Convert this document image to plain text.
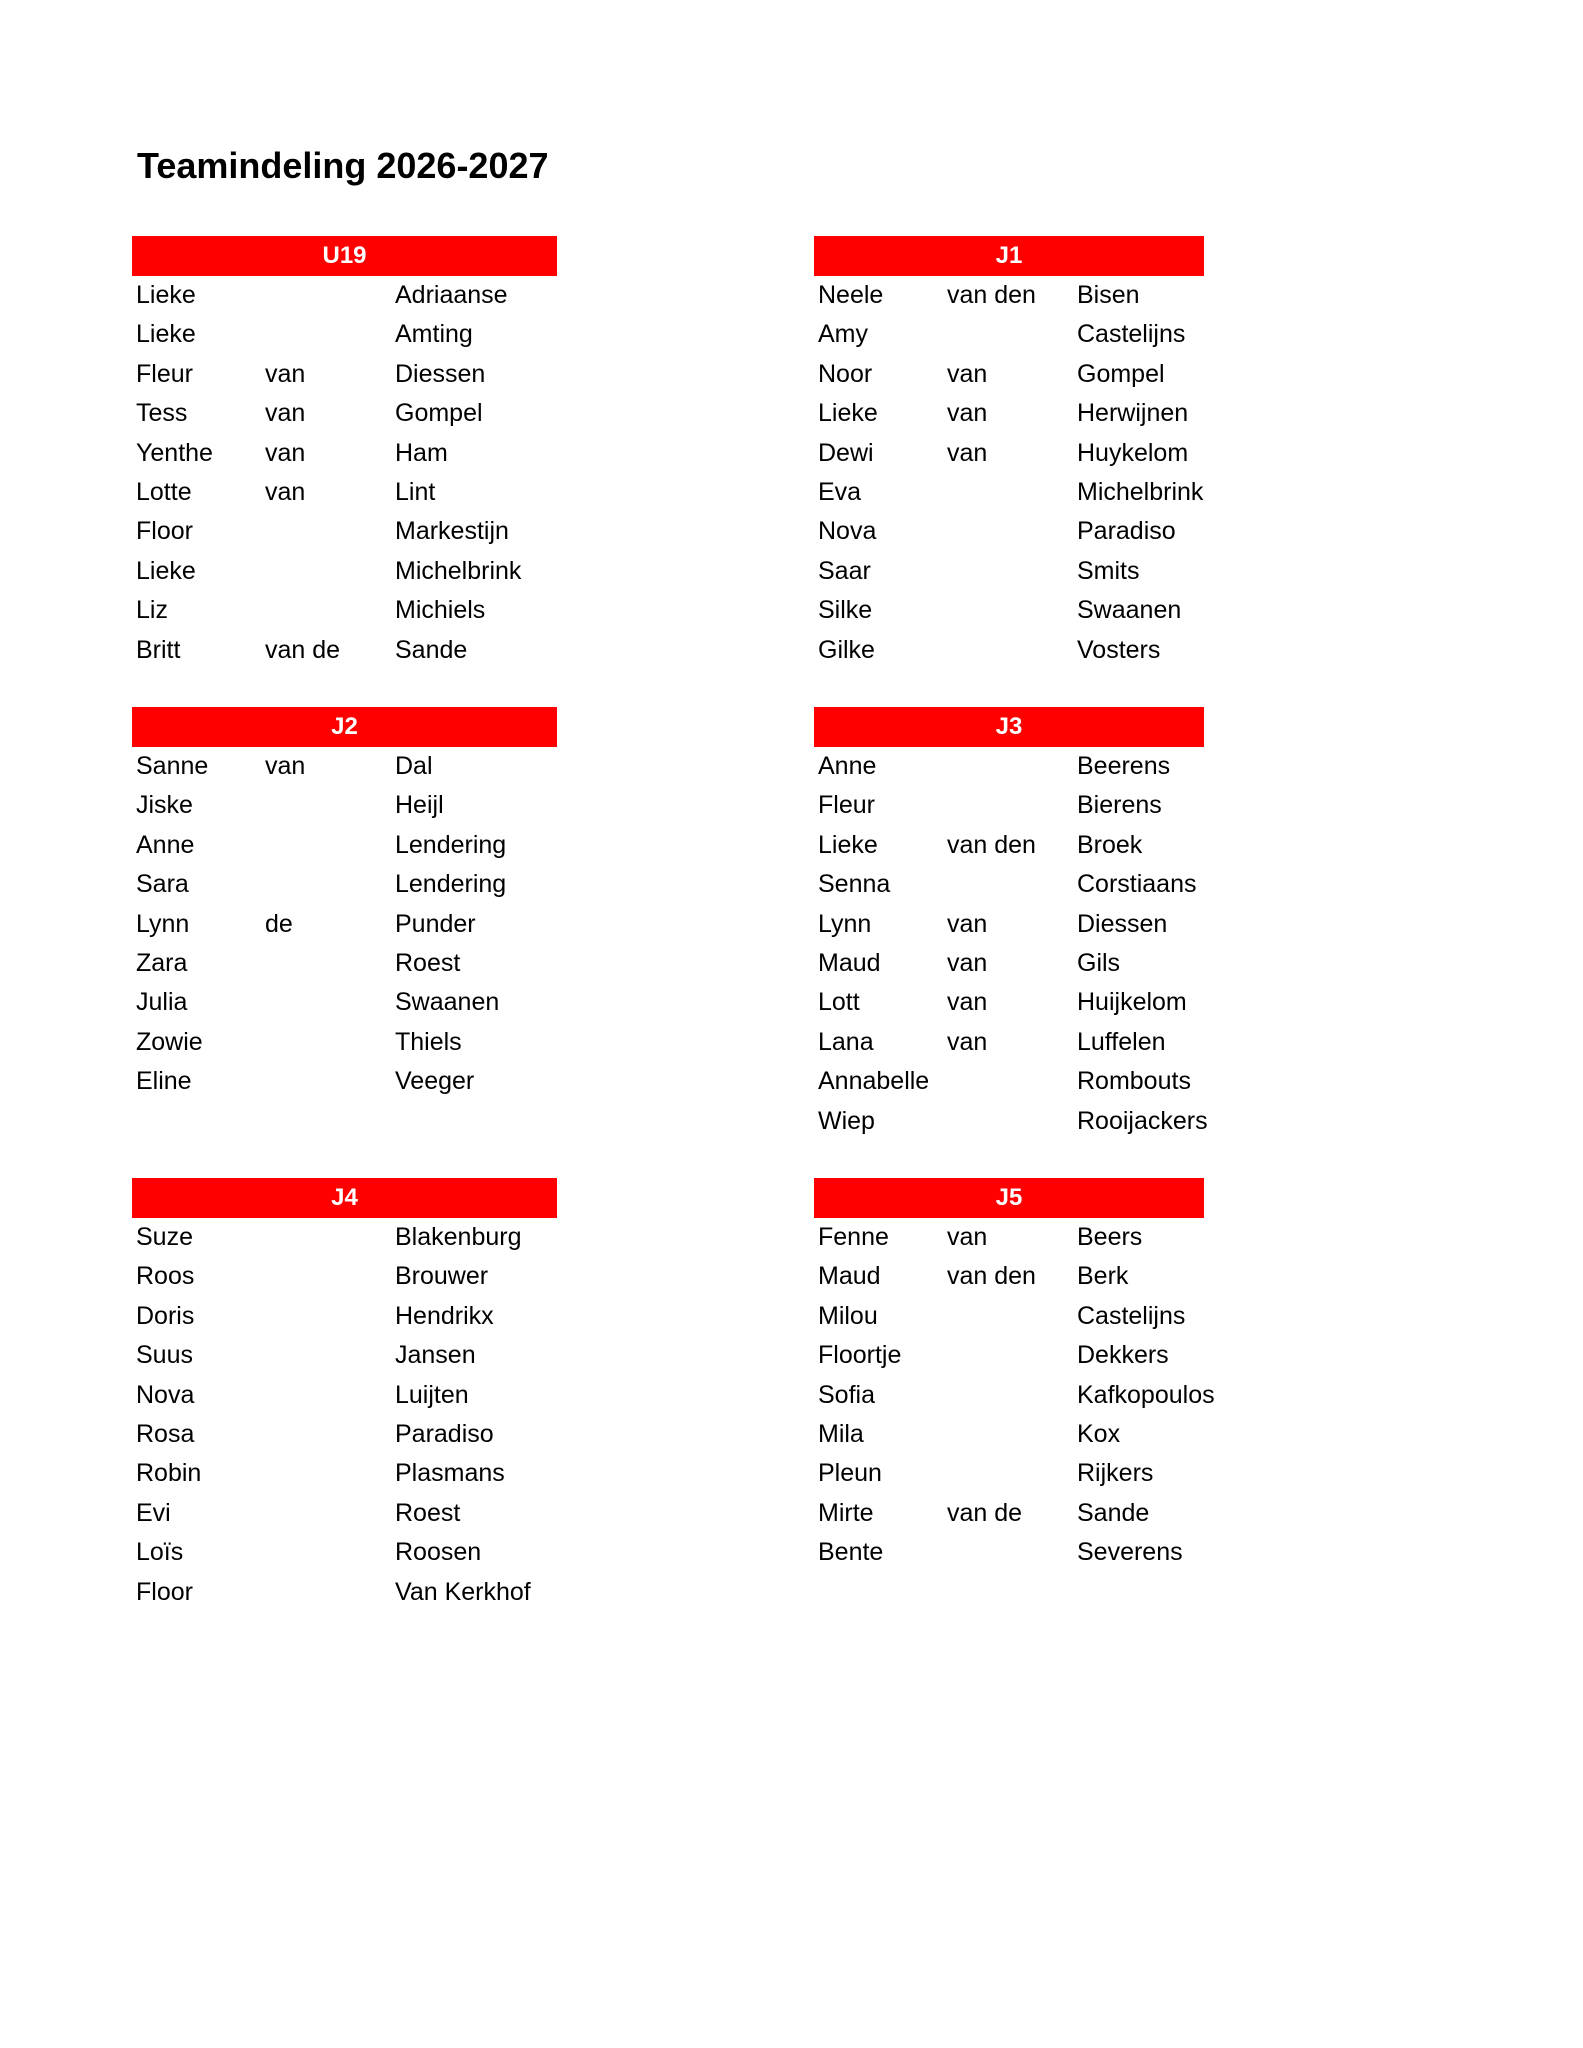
Teamindeling 2026-2027
U19
Lieke	Adriaanse
Lieke	Amting
Fleur	van	Diessen
Tess	van	Gompel
Yenthe van	Ham
Lotte	van	Lint
Floor	Markestijn
Lieke	Michelbrink
Liz	Michiels
Britt	van de Sande
J1
Neele	van den Bisen
Amy	Castelijns
Noor	van	Gompel
Lieke	van	Herwijnen
Dewi	van	Huykelom
Eva	Michelbrink
Nova	Paradiso
Saar	Smits
Silke	Swaanen
Gilke	Vosters
J2
Sanne van	Dal
Jiske	Heijl
Anne	Lendering
Sara	Lendering
Lynn	de	Punder
Zara	Roest
Julia	Swaanen
Zowie	Thiels
Eline	Veeger
J3
Anne	Beerens
Fleur	Bierens
Lieke	van den Broek
Senna	Corstiaans
Lynn	van	Diessen
Maud	van	Gils
Lott	van	Huijkelom
Lana	van	Luffelen
Annabelle	Rombouts
Wiep	Rooijackers
J4
Suze	Blakenburg
Roos	Brouwer
Doris	Hendrikx
Suus	Jansen
Nova	Luijten
Rosa	Paradiso
Robin	Plasmans
Evi	Roest
Loïs	Roosen
Floor	Van Kerkhof
J5
Fenne van	Beers
Maud	van den Berk
Milou	Castelijns
Floortje	Dekkers
Sofia	Kafkopoulos
Mila	Kox
Pleun	Rijkers
Mirte	van de Sande
Bente	Severens
